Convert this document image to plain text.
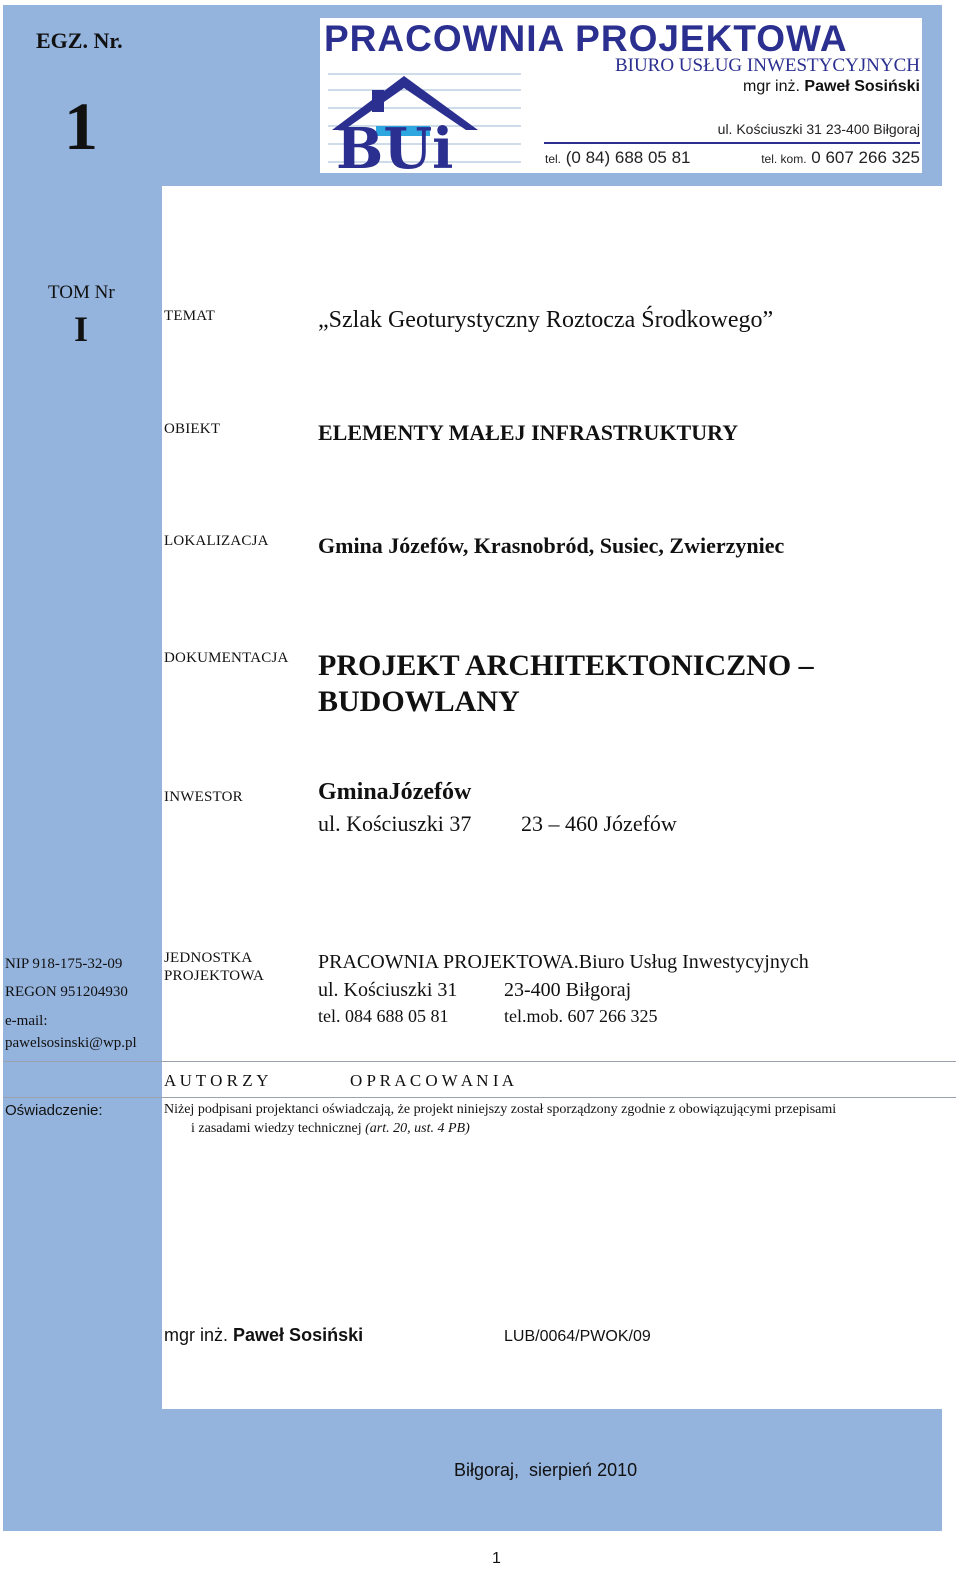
EGZ. Nr.
1
PRACOWNIA PROJEKTOWA
BIURO USŁUG INWESTYCYJNYCH
mgr inż. Paweł Sosiński
BUi	ul. Kościuszki 31 23-400 Biłgoraj
tel. (0 84) 688 05 81	tel. kom. 0 607 266 325
TOM Nr
I	TEMAT	„Szlak Geoturystyczny Roztocza Środkowego”
OBIEKT	ELEMENTY MAŁEJ INFRASTRUKTURY
LOKALIZACJA Gmina Józefów, Krasnobród, Susiec, Zwierzyniec
DOKUMENTACJA PROJEKT ARCHITEKTONICZNO –
BUDOWLANY
INWESTOR	GminaJózefów
ul. Kościuszki 37 23 – 460 Józefów
NIP 918-175-32-09
REGON 951204930
e-mail:
pawelsosinski@wp.pl
JEDNOSTKA
PROJEKTOWA
PRACOWNIA PROJEKTOWA.Biuro Usług Inwestycyjnych
ul. Kościuszki 31 23-400 Biłgoraj
tel. 084 688 05 81	tel.mob. 607 266 325
A U T O R Z Y	O P R A C O W A N I A
Oświadczenie:	Niżej podpisani projektanci oświadczają, że projekt niniejszy został sporządzony zgodnie z obowiązującymi przepisami
i zasadami wiedzy technicznej (art. 20, ust. 4 PB)
mgr inż. Paweł Sosiński	LUB/0064/PWOK/09
Biłgoraj,  sierpień 2010
1
